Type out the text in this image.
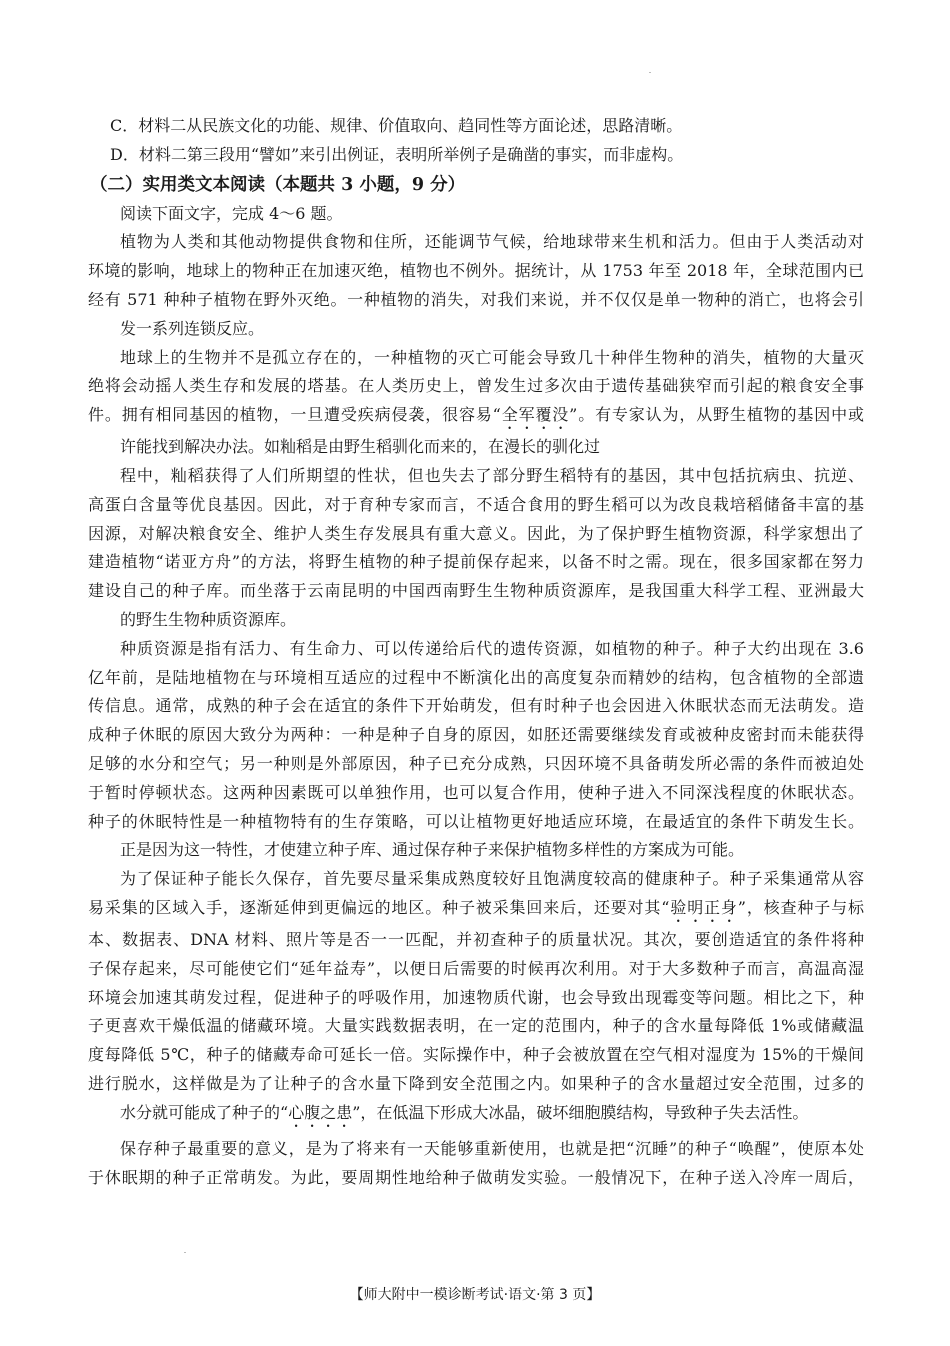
C．材料二从民族文化的功能、规律、价值取向、趋同性等方面论述，思路清晰。
D．材料二第三段用“譬如”来引出例证，表明所举例子是确凿的事实，而非虚构。
（二）实用类文本阅读（本题共 3 小题，9 分）
阅读下面文字，完成 4～6 题。
植物为人类和其他动物提供食物和住所，还能调节气候，给地球带来生机和活力。但由于人类活动对
环境的影响，地球上的物种正在加速灭绝，植物也不例外。据统计，从 1753 年至 2018 年，全球范围内已
经有 571 种种子植物在野外灭绝。一种植物的消失，对我们来说，并不仅仅是单一物种的消亡，也将会引
发一系列连锁反应。
地球上的生物并不是孤立存在的，一种植物的灭亡可能会导致几十种伴生物种的消失，植物的大量灭
绝将会动摇人类生存和发展的塔基。在人类历史上，曾发生过多次由于遗传基础狭窄而引起的粮食安全事
件。拥有相同基因的植物，一旦遭受疾病侵袭，很容易“全军覆没”。有专家认为，从野生植物的基因中或
许能找到解决办法。如籼稻是由野生稻驯化而来的，在漫长的驯化过
程中，籼稻获得了人们所期望的性状，但也失去了部分野生稻特有的基因，其中包括抗病虫、抗逆、
高蛋白含量等优良基因。因此，对于育种专家而言，不适合食用的野生稻可以为改良栽培稻储备丰富的基
因源，对解决粮食安全、维护人类生存发展具有重大意义。因此，为了保护野生植物资源，科学家想出了
建造植物“诺亚方舟”的方法，将野生植物的种子提前保存起来，以备不时之需。现在，很多国家都在努力
建设自己的种子库。而坐落于云南昆明的中国西南野生生物种质资源库，是我国重大科学工程、亚洲最大
的野生生物种质资源库。
种质资源是指有活力、有生命力、可以传递给后代的遗传资源，如植物的种子。种子大约出现在 3.6
亿年前，是陆地植物在与环境相互适应的过程中不断演化出的高度复杂而精妙的结构，包含植物的全部遗
传信息。通常，成熟的种子会在适宜的条件下开始萌发，但有时种子也会因进入休眠状态而无法萌发。造
成种子休眠的原因大致分为两种：一种是种子自身的原因，如胚还需要继续发育或被种皮密封而未能获得
足够的水分和空气；另一种则是外部原因，种子已充分成熟，只因环境不具备萌发所必需的条件而被迫处
于暂时停顿状态。这两种因素既可以单独作用，也可以复合作用，使种子进入不同深浅程度的休眠状态。
种子的休眠特性是一种植物特有的生存策略，可以让植物更好地适应环境，在最适宜的条件下萌发生长。
正是因为这一特性，才使建立种子库、通过保存种子来保护植物多样性的方案成为可能。
为了保证种子能长久保存，首先要尽量采集成熟度较好且饱满度较高的健康种子。种子采集通常从容
易采集的区域入手，逐渐延伸到更偏远的地区。种子被采集回来后，还要对其“验明正身”，核查种子与标
本、数据表、DNA 材料、照片等是否一一匹配，并初查种子的质量状况。其次，要创造适宜的条件将种
子保存起来，尽可能使它们“延年益寿”，以便日后需要的时候再次利用。对于大多数种子而言，高温高湿
环境会加速其萌发过程，促进种子的呼吸作用，加速物质代谢，也会导致出现霉变等问题。相比之下，种
子更喜欢干燥低温的储藏环境。大量实践数据表明，在一定的范围内，种子的含水量每降低 1%或储藏温
度每降低 5℃，种子的储藏寿命可延长一倍。实际操作中，种子会被放置在空气相对湿度为 15%的干燥间
进行脱水，这样做是为了让种子的含水量下降到安全范围之内。如果种子的含水量超过安全范围，过多的
水分就可能成了种子的“心腹之患”，在低温下形成大冰晶，破坏细胞膜结构，导致种子失去活性。
保存种子最重要的意义，是为了将来有一天能够重新使用，也就是把“沉睡”的种子“唤醒”，使原本处
于休眠期的种子正常萌发。为此，要周期性地给种子做萌发实验。一般情况下，在种子送入冷库一周后，
【师大附中一模诊断考试·语文·第 3 页】
